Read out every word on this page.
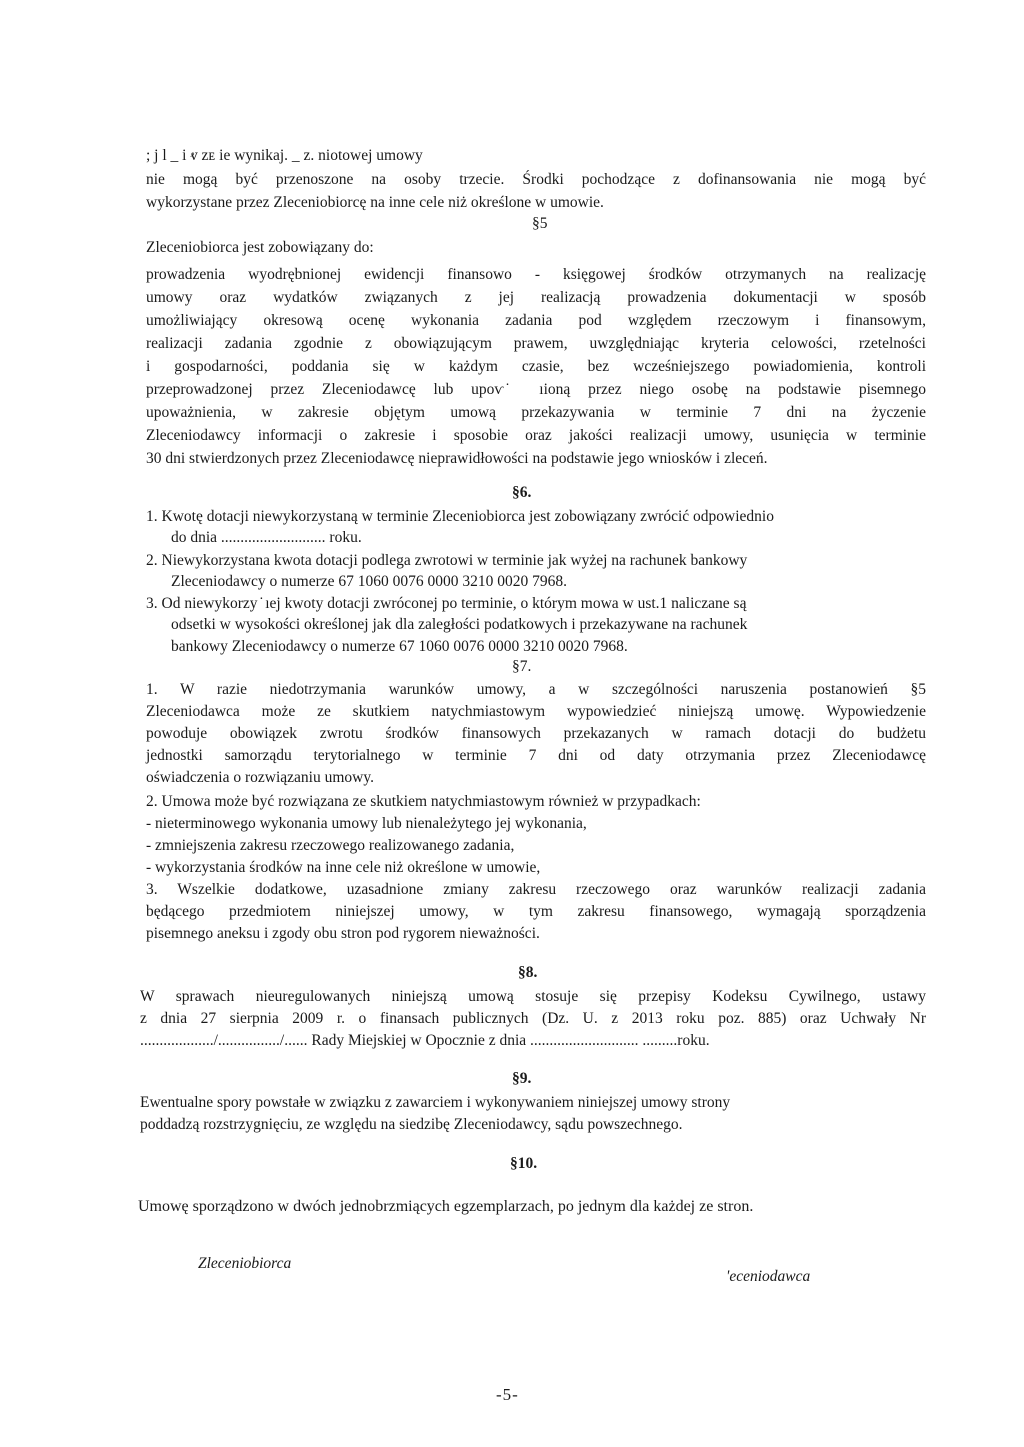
; j l _ i ⱴ zᴇ ie wynikaj. _ z. niotowej umowy
nie mogą być przenoszone na osoby trzecie. Środki pochodzące z dofinansowania nie mogą być
wykorzystane przez Zleceniobiorcę na inne cele niż określone w umowie.
§5
Zleceniobiorca jest zobowiązany do:
prowadzenia wyodrębnionej ewidencji finansowo - księgowej środków otrzymanych na realizację
umowy oraz wydatków związanych z jej realizacją prowadzenia dokumentacji w sposób
umożliwiający okresową ocenę wykonania zadania pod względem rzeczowym i finansowym,
realizacji zadania zgodnie z obowiązującym prawem, uwzględniając kryteria celowości, rzetelności
i gospodarności, poddania się w każdym czasie, bez wcześniejszego powiadomienia, kontroli
przeprowadzonej przez Zleceniodawcę lub upoⱱ ̇ ıioną przez niego osobę na podstawie pisemnego
upoważnienia, w zakresie objętym umową przekazywania w terminie 7 dni na życzenie
Zleceniodawcy informacji o zakresie i sposobie oraz jakości realizacji umowy, usunięcia w terminie
30 dni stwierdzonych przez Zleceniodawcę nieprawidłowości na podstawie jego wniosków i zleceń.
§6.
1. Kwotę dotacji niewykorzystaną w terminie Zleceniobiorca jest zobowiązany zwrócić odpowiednio
do dnia ........................... roku.
2. Niewykorzystana kwota dotacji podlega zwrotowi w terminie jak wyżej na rachunek bankowy
Zleceniodawcy o numerze 67 1060 0076 0000 3210 0020 7968.
3. Od niewykorzy ̇ ıej kwoty dotacji zwróconej po terminie, o którym mowa w ust.1 naliczane są
odsetki w wysokości określonej jak dla zaległości podatkowych i przekazywane na rachunek
bankowy Zleceniodawcy o numerze 67 1060 0076 0000 3210 0020 7968.
§7.
1. W razie niedotrzymania warunków umowy, a w szczególności naruszenia postanowień §5
Zleceniodawca może ze skutkiem natychmiastowym wypowiedzieć niniejszą umowę. Wypowiedzenie
powoduje obowiązek zwrotu środków finansowych przekazanych w ramach dotacji do budżetu
jednostki samorządu terytorialnego w terminie 7 dni od daty otrzymania przez Zleceniodawcę
oświadczenia o rozwiązaniu umowy.
2. Umowa może być rozwiązana ze skutkiem natychmiastowym również w przypadkach:
- nieterminowego wykonania umowy lub nienależytego jej wykonania,
- zmniejszenia zakresu rzeczowego realizowanego zadania,
- wykorzystania środków na inne cele niż określone w umowie,
3. Wszelkie dodatkowe, uzasadnione zmiany zakresu rzeczowego oraz warunków realizacji zadania
będącego przedmiotem niniejszej umowy, w tym zakresu finansowego, wymagają sporządzenia
pisemnego aneksu i zgody obu stron pod rygorem nieważności.
§8.
W sprawach nieuregulowanych niniejszą umową stosuje się przepisy Kodeksu Cywilnego, ustawy
z dnia 27 sierpnia 2009 r. o finansach publicznych (Dz. U. z 2013 roku poz. 885) oraz Uchwały Nr
.................../................/...... Rady Miejskiej w Opocznie z dnia ............................ .........roku.
§9.
Ewentualne spory powstałe w związku z zawarciem i wykonywaniem niniejszej umowy strony
poddadzą rozstrzygnięciu, ze względu na siedzibę Zleceniodawcy, sądu powszechnego.
§10.
Umowę sporządzono w dwóch jednobrzmiących egzemplarzach, po jednym dla każdej ze stron.
Zleceniobiorca
'eceniodawca
-5-
